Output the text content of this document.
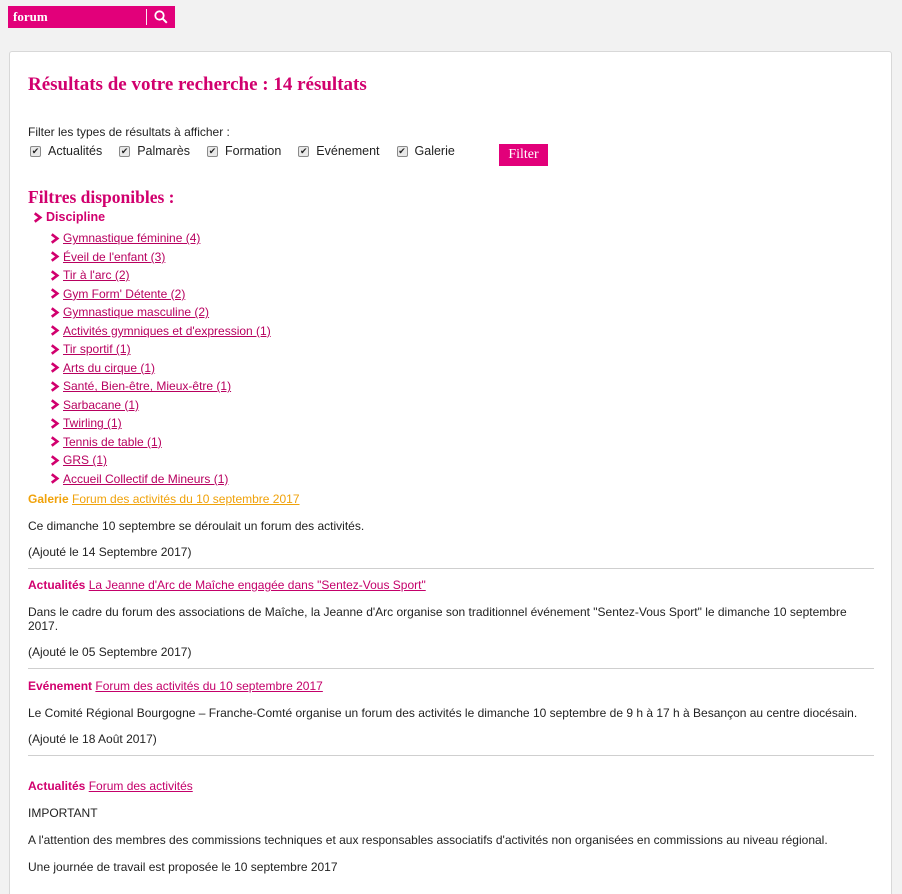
forum
Résultats de votre recherche : 14 résultats
Filter les types de résultats à afficher :
✔ Actualités ✔ Palmarès ✔ Formation ✔ Evénement ✔ Galerie	Filter
Filtres disponibles :
Discipline
Gymnastique féminine (4)
Éveil de l'enfant (3)
Tir à l'arc (2)
Gym Form' Détente (2)
Gymnastique masculine (2)
Activités gymniques et d'expression (1)
Tir sportif (1)
Arts du cirque (1)
Santé, Bien-être, Mieux-être (1)
Sarbacane (1)
Twirling (1)
Tennis de table (1)
GRS (1)
Accueil Collectif de Mineurs (1)
Galerie Forum des activités du 10 septembre 2017
Ce dimanche 10 septembre se déroulait un forum des activités.
(Ajouté le 14 Septembre 2017)
Actualités La Jeanne d'Arc de Maîche engagée dans "Sentez-Vous Sport"
Dans le cadre du forum des associations de Maîche, la Jeanne d'Arc organise son traditionnel événement "Sentez-Vous Sport" le dimanche 10 septembre 2017.
(Ajouté le 05 Septembre 2017)
Evénement Forum des activités du 10 septembre 2017
Le Comité Régional Bourgogne – Franche-Comté organise un forum des activités le dimanche 10 septembre de 9 h à 17 h à Besançon au centre diocésain.
(Ajouté le 18 Août 2017)
Actualités Forum des activités
IMPORTANT
A l'attention des membres des commissions techniques et aux responsables associatifs d'activités non organisées en commissions au niveau régional.
Une journée de travail est proposée le 10 septembre 2017
